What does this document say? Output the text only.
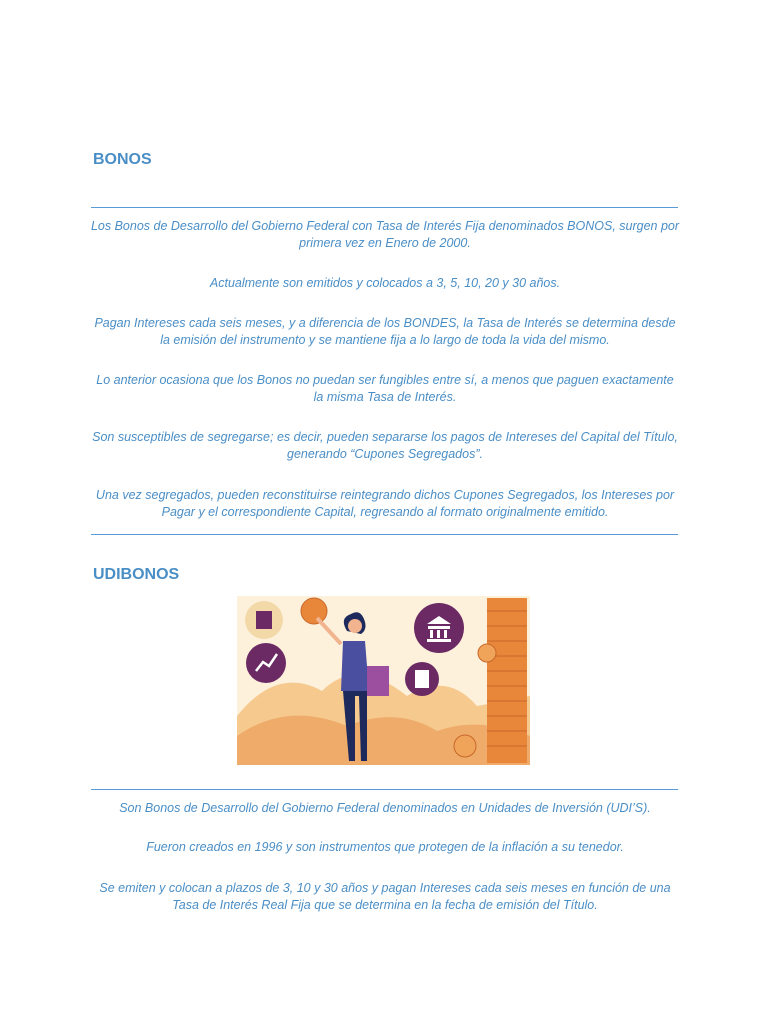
BONOS

Los Bonos de Desarrollo del Gobierno Federal con Tasa de Interés Fija denominados BONOS, surgen por primera vez en Enero de 2000.

Actualmente son emitidos y colocados a 3, 5, 10, 20 y 30 años.

Pagan Intereses cada seis meses, y a diferencia de los BONDES, la Tasa de Interés se determina desde la emisión del instrumento y se mantiene fija a lo largo de toda la vida del mismo.

Lo anterior ocasiona que los Bonos no puedan ser fungibles entre sí, a menos que paguen exactamente la misma Tasa de Interés.

Son susceptibles de segregarse; es decir, pueden separarse los pagos de Intereses del Capital del Título, generando “Cupones Segregados”.

Una vez segregados, pueden reconstituirse reintegrando dichos Cupones Segregados, los Intereses por Pagar y el correspondiente Capital, regresando al formato originalmente emitido.

UDIBONOS

Son Bonos de Desarrollo del Gobierno Federal denominados en Unidades de Inversión (UDI’S).

Fueron creados en 1996 y son instrumentos que protegen de la inflación a su tenedor.

Se emiten y colocan a plazos de 3, 10 y 30 años y pagan Intereses cada seis meses en función de una Tasa de Interés Real Fija que se determina en la fecha de emisión del Título.
